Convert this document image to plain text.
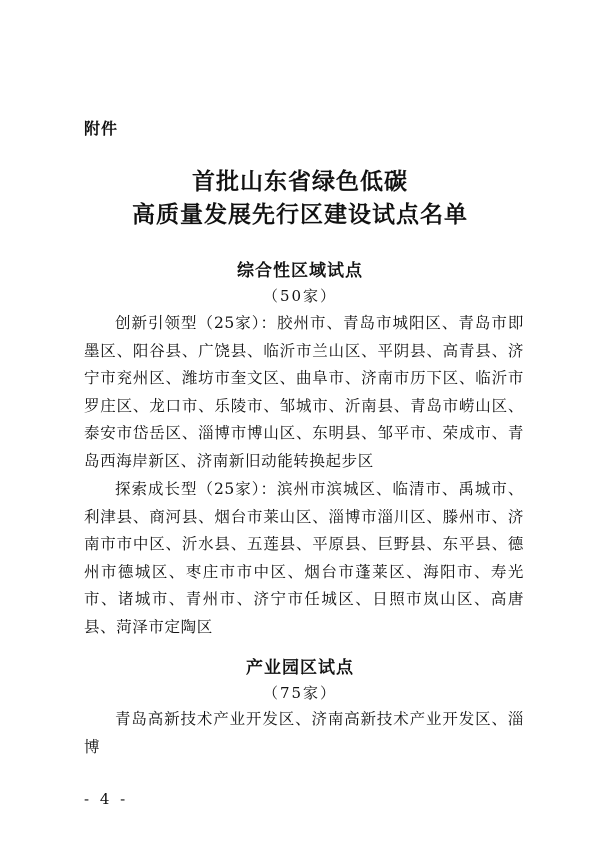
附件
首批山东省绿色低碳
高质量发展先行区建设试点名单
综合性区域试点
（50家）

创新引领型（25家）：胶州市、青岛市城阳区、青岛市即墨区、阳谷县、广饶县、临沂市兰山区、平阴县、高青县、济宁市兖州区、潍坊市奎文区、曲阜市、济南市历下区、临沂市罗庄区、龙口市、乐陵市、邹城市、沂南县、青岛市崂山区、泰安市岱岳区、淄博市博山区、东明县、邹平市、荣成市、青岛西海岸新区、济南新旧动能转换起步区

探索成长型（25家）：滨州市滨城区、临清市、禹城市、利津县、商河县、烟台市莱山区、淄博市淄川区、滕州市、济南市市中区、沂水县、五莲县、平原县、巨野县、东平县、德州市德城区、枣庄市市中区、烟台市蓬莱区、海阳市、寿光市、诸城市、青州市、济宁市任城区、日照市岚山区、高唐县、菏泽市定陶区

产业园区试点
（75家）

青岛高新技术产业开发区、济南高新技术产业开发区、淄博

- 4 -
